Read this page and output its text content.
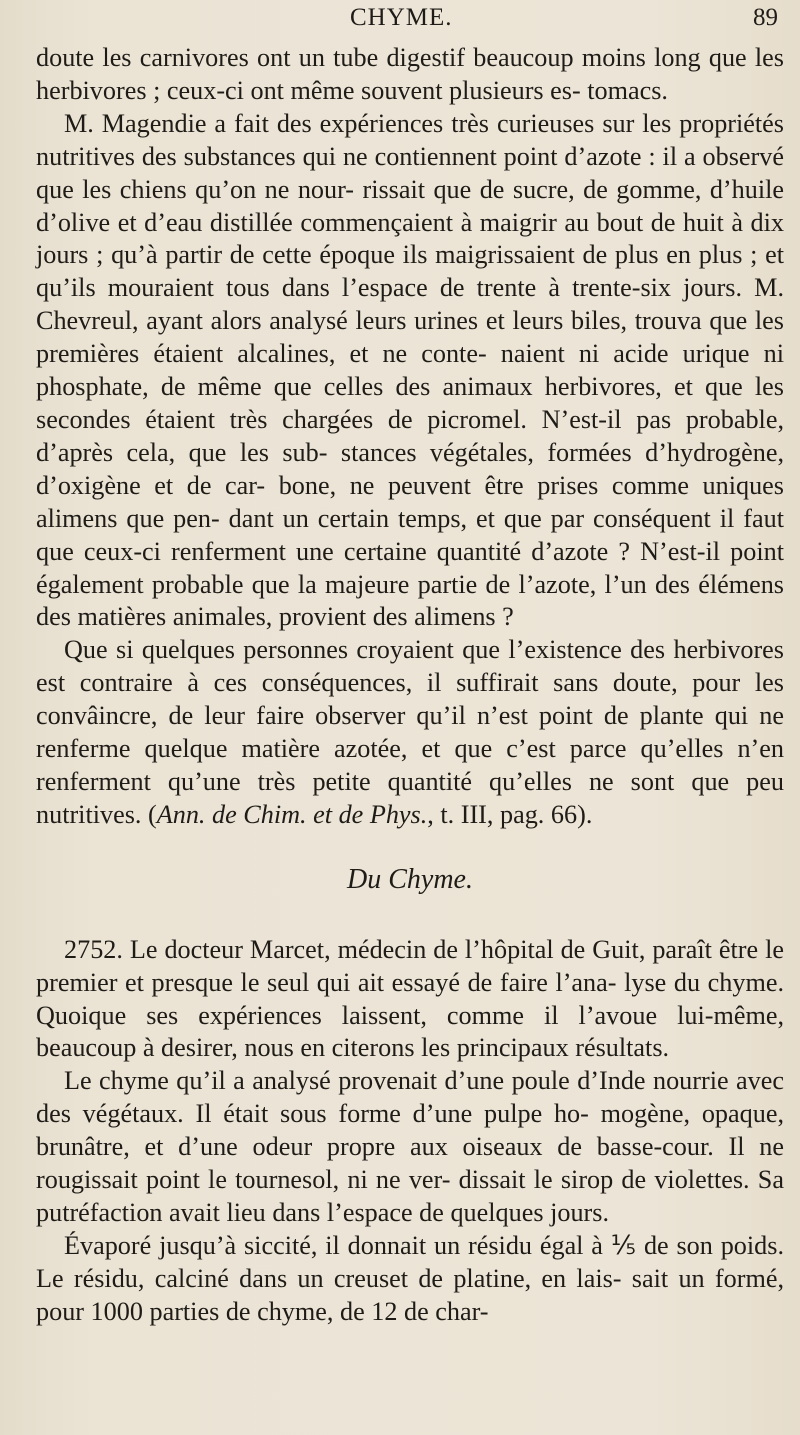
CHYME.	89

doute les carnivores ont un tube digestif beaucoup moins long que les herbivores ; ceux-ci ont même souvent plusieurs es- tomacs.

M. Magendie a fait des expériences très curieuses sur les propriétés nutritives des substances qui ne contiennent point d’azote : il a observé que les chiens qu’on ne nour- rissait que de sucre, de gomme, d’huile d’olive et d’eau distillée commençaient à maigrir au bout de huit à dix jours ; qu’à partir de cette époque ils maigrissaient de plus en plus ; et qu’ils mouraient tous dans l’espace de trente à trente-six jours. M. Chevreul, ayant alors analysé leurs urines et leurs biles, trouva que les premières étaient alcalines, et ne conte- naient ni acide urique ni phosphate, de même que celles des animaux herbivores, et que les secondes étaient très chargées de picromel. N’est-il pas probable, d’après cela, que les sub- stances végétales, formées d’hydrogène, d’oxigène et de car- bone, ne peuvent être prises comme uniques alimens que pen- dant un certain temps, et que par conséquent il faut que ceux-ci renferment une certaine quantité d’azote ? N’est-il point également probable que la majeure partie de l’azote, l’un des élémens des matières animales, provient des alimens ?

Que si quelques personnes croyaient que l’existence des herbivores est contraire à ces conséquences, il suffirait sans doute, pour les convâincre, de leur faire observer qu’il n’est point de plante qui ne renferme quelque matière azotée, et que c’est parce qu’elles n’en renferment qu’une très petite quantité qu’elles ne sont que peu nutritives. (Ann. de Chim. et de Phys., t. III, pag. 66).

Du Chyme.

2752. Le docteur Marcet, médecin de l’hôpital de Guit, paraît être le premier et presque le seul qui ait essayé de faire l’ana- lyse du chyme. Quoique ses expériences laissent, comme il l’avoue lui-même, beaucoup à desirer, nous en citerons les principaux résultats.

Le chyme qu’il a analysé provenait d’une poule d’Inde nourrie avec des végétaux. Il était sous forme d’une pulpe ho- mogène, opaque, brunâtre, et d’une odeur propre aux oiseaux de basse-cour. Il ne rougissait point le tournesol, ni ne ver- dissait le sirop de violettes. Sa putréfaction avait lieu dans l’espace de quelques jours.

Évaporé jusqu’à siccité, il donnait un résidu égal à ⅕ de son poids. Le résidu, calciné dans un creuset de platine, en lais- sait un formé, pour 1000 parties de chyme, de 12 de char-
